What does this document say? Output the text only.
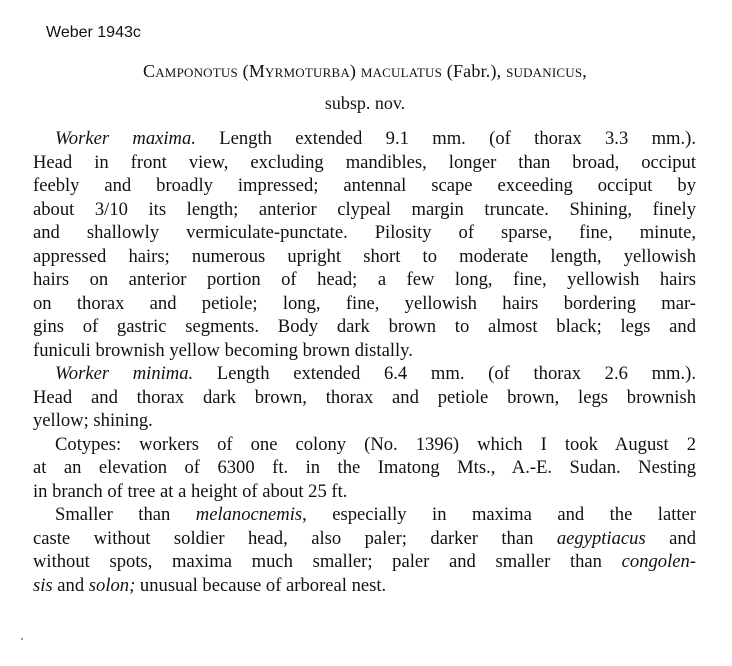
Weber 1943c
Camponotus (Myrmoturba) maculatus (Fabr.), sudanicus,
subsp. nov.
Worker maxima. Length extended 9.1 mm. (of thorax 3.3 mm.).
Head in front view, excluding mandibles, longer than broad, occiput
feebly and broadly impressed; antennal scape exceeding occiput by
about 3/10 its length; anterior clypeal margin truncate. Shining, finely
and shallowly vermiculate-punctate. Pilosity of sparse, fine, minute,
appressed hairs; numerous upright short to moderate length, yellowish
hairs on anterior portion of head; a few long, fine, yellowish hairs
on thorax and petiole; long, fine, yellowish hairs bordering mar-
gins of gastric segments. Body dark brown to almost black; legs and
funiculi brownish yellow becoming brown distally.
Worker minima. Length extended 6.4 mm. (of thorax 2.6 mm.).
Head and thorax dark brown, thorax and petiole brown, legs brownish
yellow; shining.
Cotypes: workers of one colony (No. 1396) which I took August 2
at an elevation of 6300 ft. in the Imatong Mts., A.-E. Sudan. Nesting
in branch of tree at a height of about 25 ft.
Smaller than melanocnemis, especially in maxima and the latter
caste without soldier head, also paler; darker than aegyptiacus and
without spots, maxima much smaller; paler and smaller than congolen-
sis and solon; unusual because of arboreal nest.
